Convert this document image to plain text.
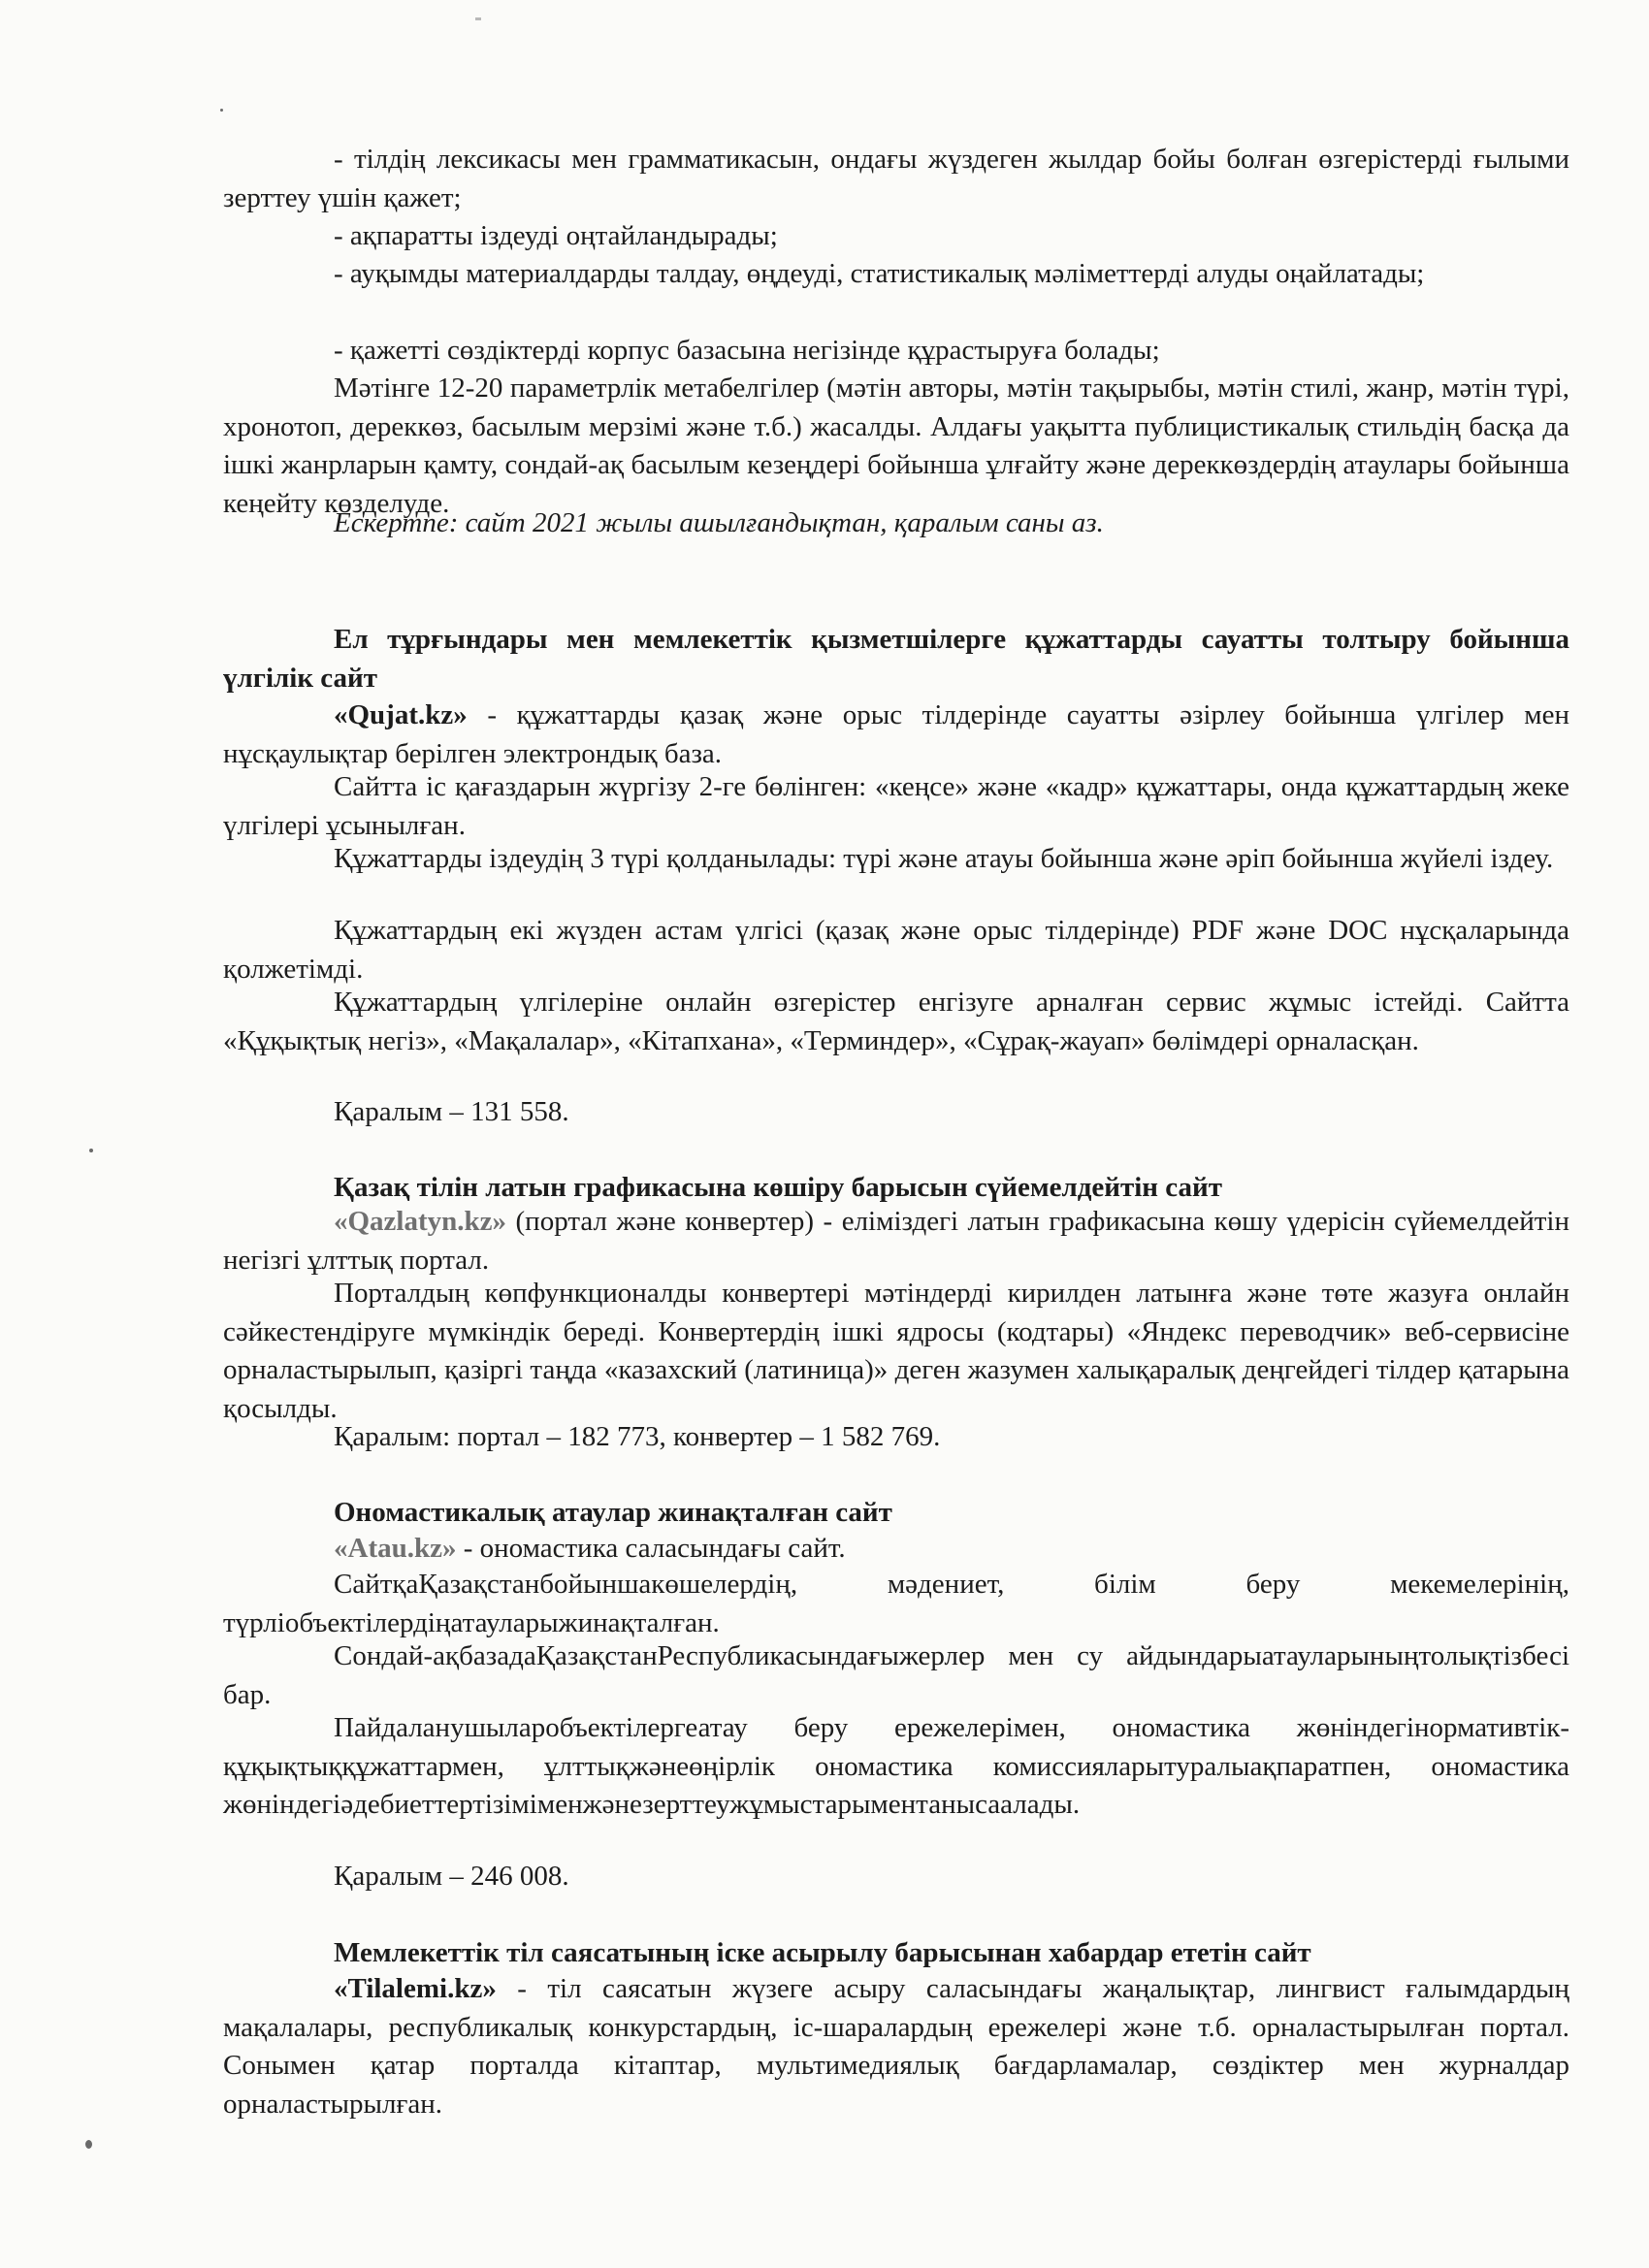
- тілдің лексикасы мен грамматикасын, ондағы жүздеген жылдар бойы болған өзгерістерді ғылыми зерттеу үшін қажет;

- ақпаратты іздеуді оңтайландырады;

- ауқымды материалдарды талдау, өңдеуді, статистикалық мәліметтерді алуды оңайлатады;

- қажетті сөздіктерді корпус базасына негізінде құрастыруға болады;

Мәтінге 12-20 параметрлік метабелгілер (мәтін авторы, мәтін тақырыбы, мәтін стилі, жанр, мәтін түрі, хронотоп, дереккөз, басылым мерзімі және т.б.) жасалды. Алдағы уақытта публицистикалық стильдің басқа да ішкі жанрларын қамту, сондай-ақ басылым кезеңдері бойынша ұлғайту және дереккөздердің атаулары бойынша кеңейту көзделуде.

Ескертпе: сайт 2021 жылы ашылғандықтан, қаралым саны аз.

Ел тұрғындары мен мемлекеттік қызметшілерге құжаттарды сауатты толтыру бойынша үлгілік сайт

«Qujat.kz» - құжаттарды қазақ және орыс тілдерінде сауатты әзірлеу бойынша үлгілер мен нұсқаулықтар берілген электрондық база.

Сайтта іс қағаздарын жүргізу 2-ге бөлінген: «кеңсе» және «кадр» құжаттары, онда құжаттардың жеке үлгілері ұсынылған.

Құжаттарды іздеудің 3 түрі қолданылады: түрі және атауы бойынша және әріп бойынша жүйелі іздеу.

Құжаттардың екі жүзден астам үлгісі (қазақ және орыс тілдерінде) PDF және DOC нұсқаларында қолжетімді.

Құжаттардың үлгілеріне онлайн өзгерістер енгізуге арналған сервис жұмыс істейді. Сайтта «Құқықтық негіз», «Мақалалар», «Кітапхана», «Терминдер», «Сұрақ-жауап» бөлімдері орналасқан.

Қаралым – 131 558.

Қазақ тілін латын графикасына көшіру барысын сүйемелдейтін сайт

«Qazlatyn.kz» (портал және конвертер) - еліміздегі латын графикасына көшу үдерісін сүйемелдейтін негізгі ұлттық портал.

Порталдың көпфункционалды конвертері мәтіндерді кирилден латынға және төте жазуға онлайн сәйкестендіруге мүмкіндік береді. Конвертердің ішкі ядросы (кодтары) «Яндекс переводчик» веб-сервисіне орналастырылып, қазіргі таңда «казахский (латиница)» деген жазумен халықаралық деңгейдегі тілдер қатарына қосылды.

Қаралым: портал – 182 773, конвертер – 1 582 769.

Ономастикалық атаулар жинақталған сайт

«Atau.kz» - ономастика саласындағы сайт.

СайтқаҚазақстанбойыншакөшелердің, мәдениет, білім беру мекемелерінің, түрліобъектілердіңатауларыжинақталған.

Сондай-ақбазадаҚазақстанРеспубликасындағыжерлер мен су айдындарыатауларыныңтолықтізбесі бар.

Пайдаланушыларобъектілергеатау беру ережелерімен, ономастика жөніндегінормативтік-құқықтыққұжаттармен, ұлттықжәнеөңірлік ономастика комиссияларытуралыақпаратпен, ономастика жөніндегіәдебиеттертізіміменжәнезерттеужұмыстарыментанысаалады.

Қаралым – 246 008.

Мемлекеттік тіл саясатының іске асырылу барысынан хабардар ететін сайт

«Tilalemi.kz» - тіл саясатын жүзеге асыру саласындағы жаңалықтар, лингвист ғалымдардың мақалалары, республикалық конкурстардың, іс-шаралардың ережелері және т.б. орналастырылған портал. Сонымен қатар порталда кітаптар, мультимедиялық бағдарламалар, сөздіктер мен журналдар орналастырылған.
